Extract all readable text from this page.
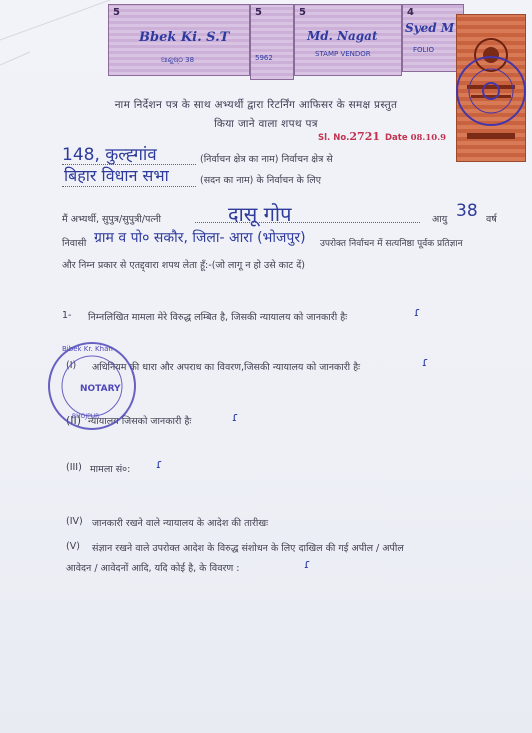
5
Bbek Ki. S.T
ଆଣୁଷ୍ଠ 38
5
5962
5
Md. Nagat
STAMP VENDOR
4
Syed M
FOLIO
नाम निर्देशन पत्र के साथ अभ्यर्थी द्वारा रिटर्निंग आफिसर के समक्ष प्रस्तुत
किया जाने वाला शपथ पत्र
Sl. No.2721 Date 08.10.9
148, कुल्ह्गांव	(निर्वाचन क्षेत्र का नाम) निर्वाचन क्षेत्र से
बिहार विधान सभा	(सदन का नाम) के निर्वाचन के लिए
मैं अभ्यर्थी, सुपुत्र/सुपुत्री/पत्नी	दासू गोप	आयु 38 वर्ष
निवासी ग्राम व पो० सकौर, जिला- आरा (भोजपुर) उपरोक्त निर्वाचन में सत्यनिष्ठा पूर्वक प्रतिज्ञान
और निम्न प्रकार से एतद्द्वारा शपथ लेता हूँ:-(जो लागू न हो उसे काट दें)
1- निम्नलिखित मामला मेरे विरुद्ध लम्बित है, जिसकी न्यायालय को जानकारी हैः	ɾ
(I) अधिनियम की धारा और अपराध का विवरण,जिसकी न्यायालय को जानकारी हैः	ɾ
(II) न्यायालय जिसको जानकारी हैः	ɾ
(III) मामला सं०: ɾ
(IV) जानकारी रखने वाले न्यायालय के आदेश की तारीखः
(V) संज्ञान रखने वाले उपरोक्त आदेश के विरुद्ध संशोधन के लिए दाखिल की गई अपील / अपील
आवेदन / आवेदनों आदि, यदि कोई है, के विवरण :	ɾ
Bibek Kr. Khan
NOTARY
BHOJPUR
